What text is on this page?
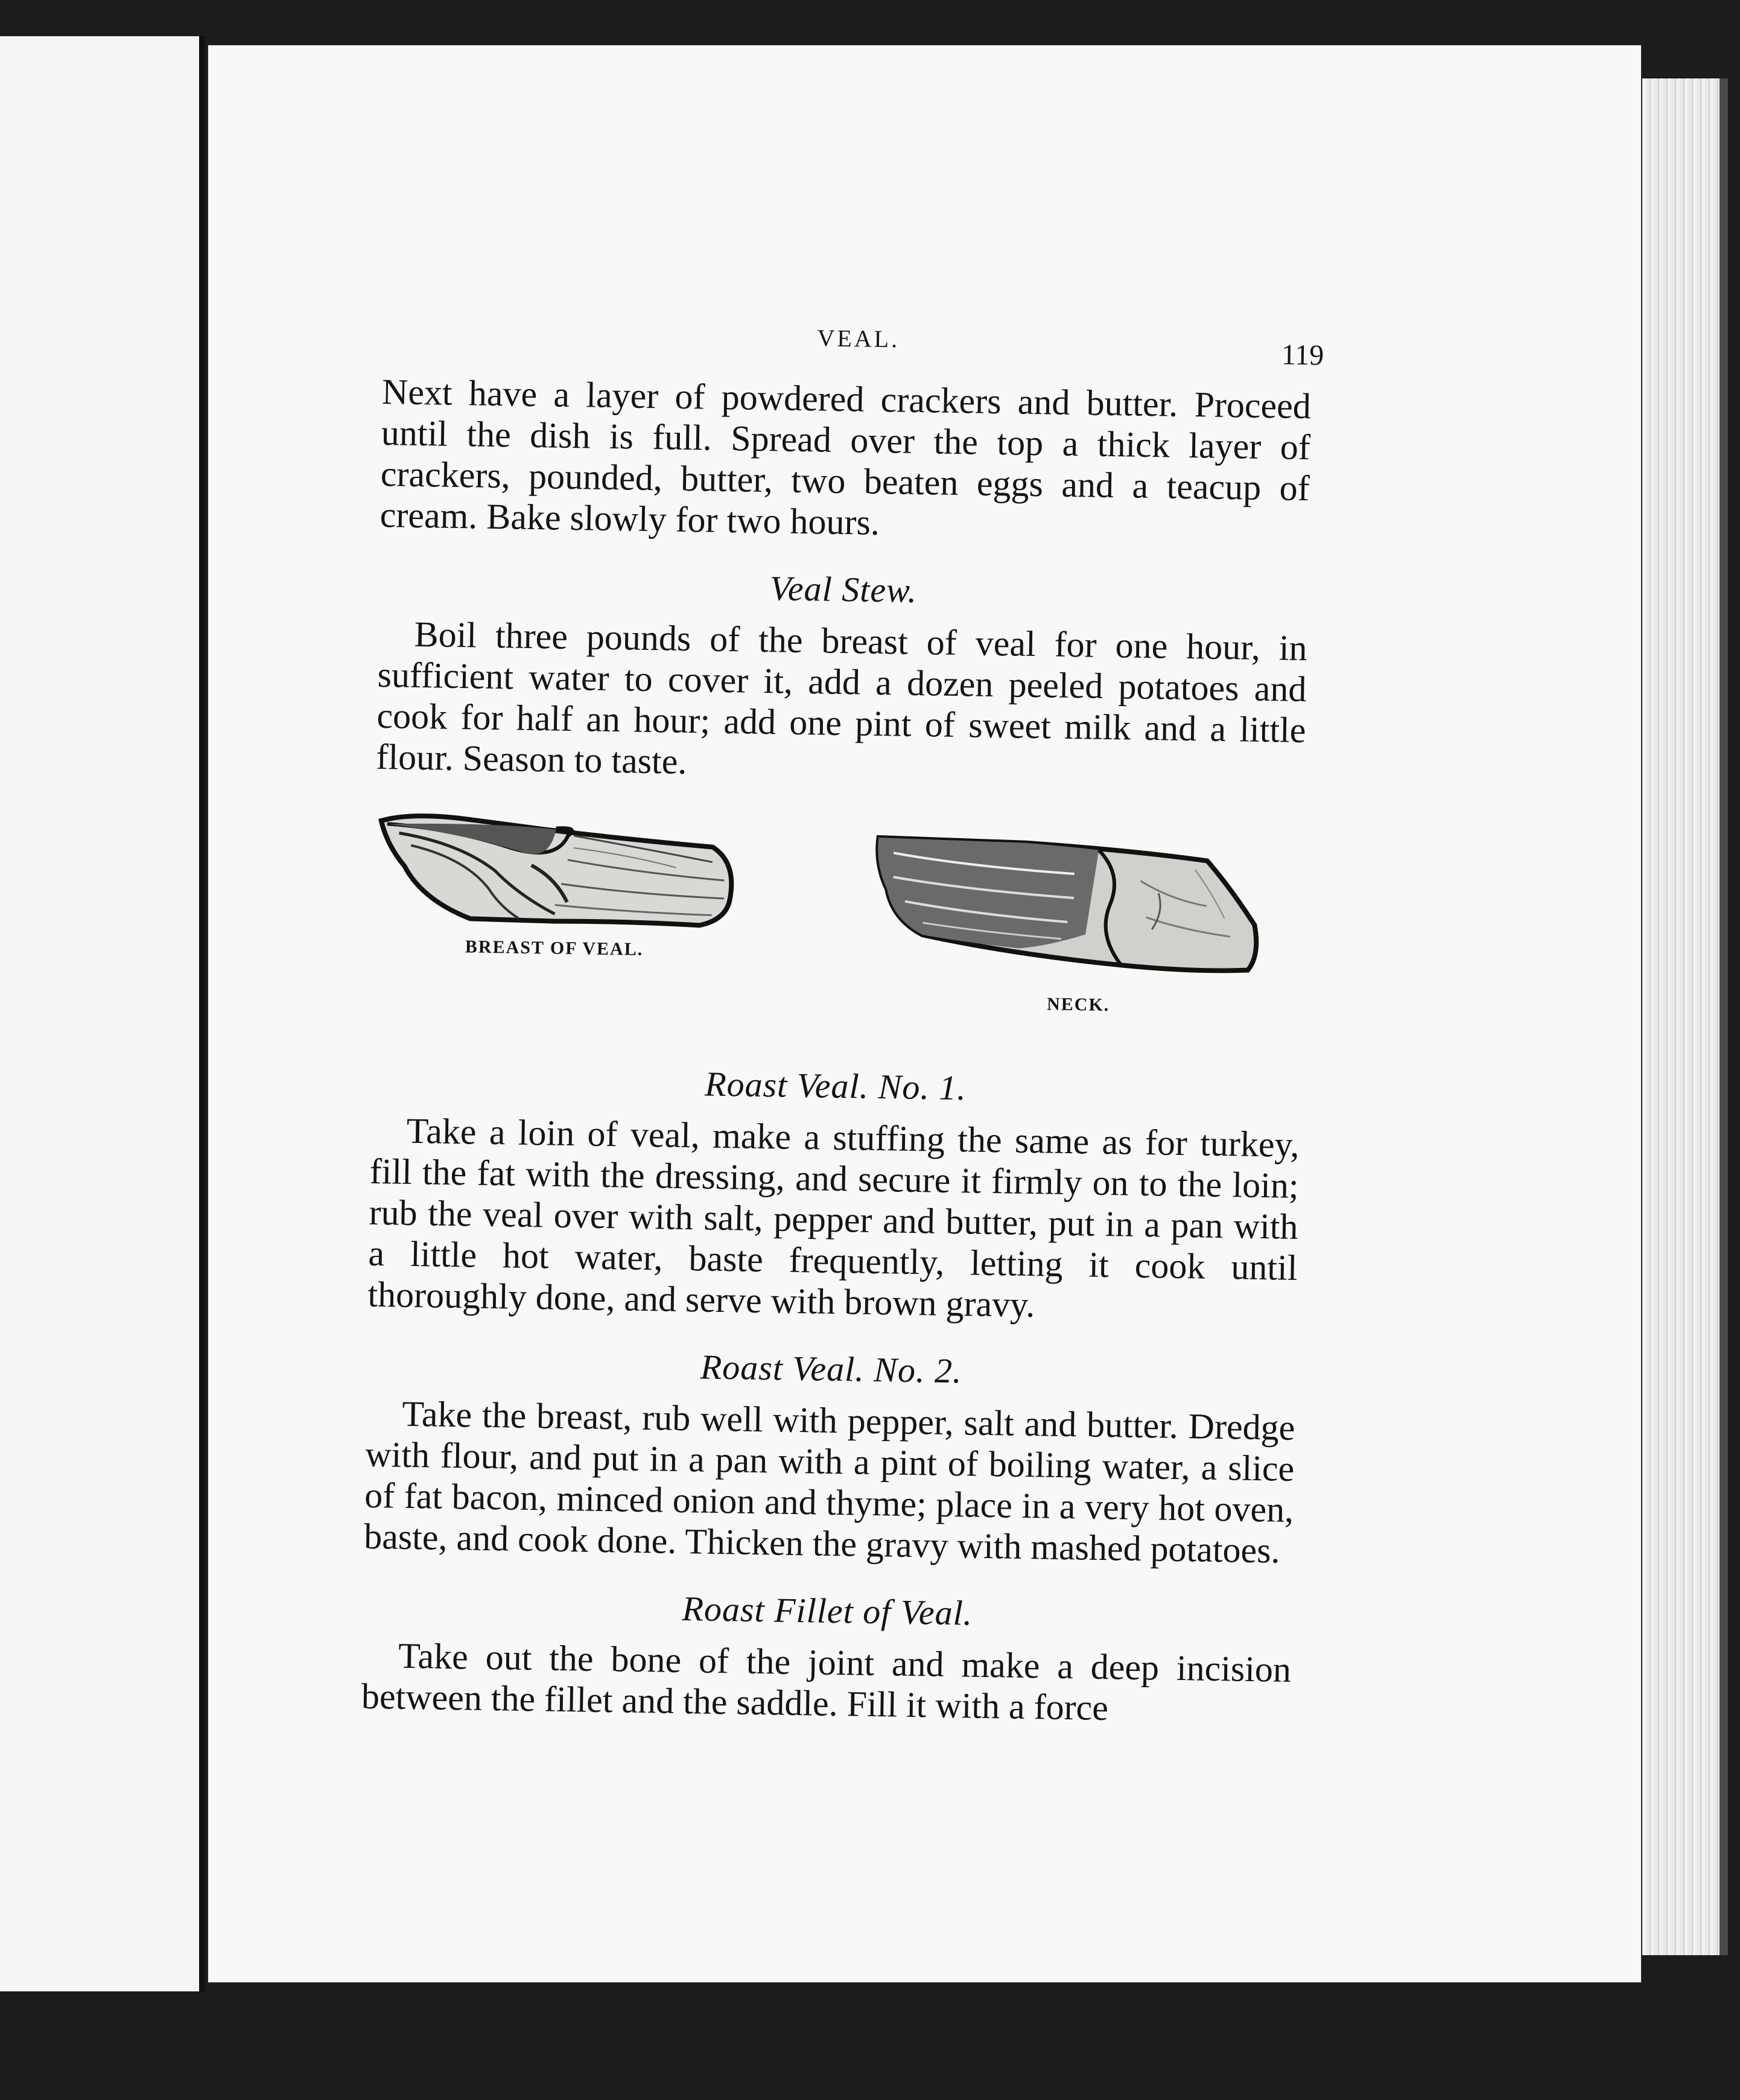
VEAL.
119

Next have a layer of powdered crackers and butter. Proceed until the dish is full. Spread over the top a thick layer of crackers, pounded, butter, two beaten eggs and a teacup of cream. Bake slowly for two hours.

Veal Stew.

Boil three pounds of the breast of veal for one hour, in sufficient water to cover it, add a dozen peeled potatoes and cook for half an hour; add one pint of sweet milk and a little flour. Season to taste.

BREAST OF VEAL.
NECK.
Roast Veal. No. 1.

Take a loin of veal, make a stuffing the same as for turkey, fill the fat with the dressing, and secure it firmly on to the loin; rub the veal over with salt, pepper and butter, put in a pan with a little hot water, baste frequently, letting it cook until thoroughly done, and serve with brown gravy.

Roast Veal. No. 2.

Take the breast, rub well with pepper, salt and butter. Dredge with flour, and put in a pan with a pint of boiling water, a slice of fat bacon, minced onion and thyme; place in a very hot oven, baste, and cook done. Thicken the gravy with mashed potatoes.

Roast Fillet of Veal.

Take out the bone of the joint and make a deep incision between the fillet and the saddle. Fill it with a force
